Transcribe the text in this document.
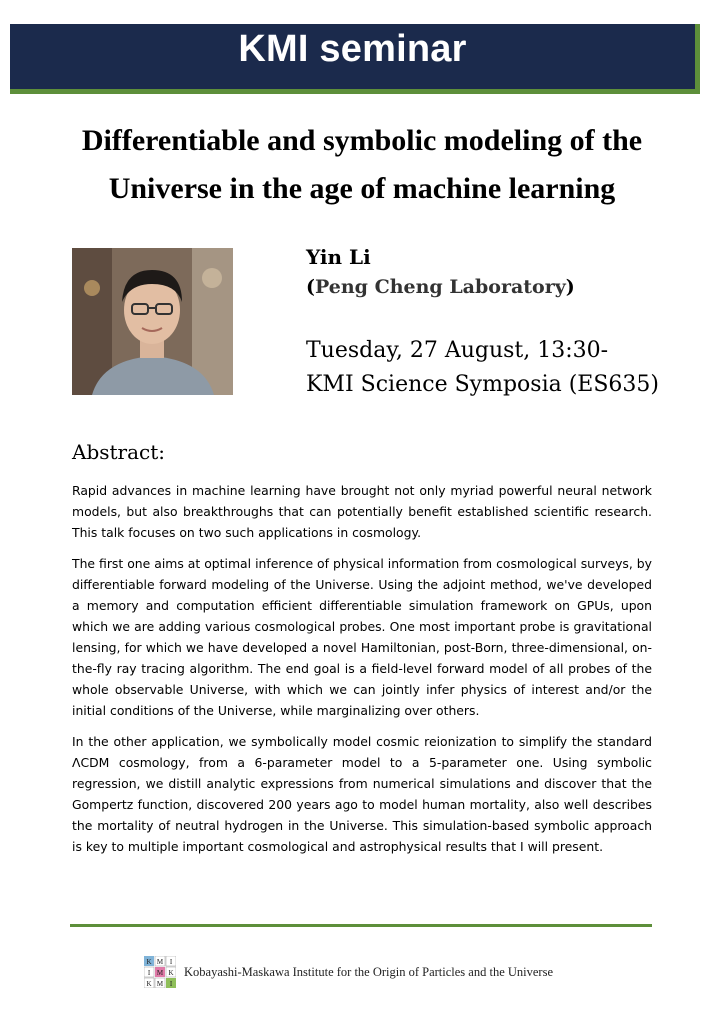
KMI seminar
Differentiable and symbolic modeling of the
Universe in the age of machine learning
Yin Li
(Peng Cheng Laboratory)
Tuesday, 27 August, 13:30-
KMI Science Symposia (ES635)
Abstract:

Rapid advances in machine learning have brought not only myriad powerful neural network models, but also breakthroughs that can potentially benefit established scientific research. This talk focuses on two such applications in cosmology.

The first one aims at optimal inference of physical information from cosmological surveys, by differentiable forward modeling of the Universe. Using the adjoint method, we've developed a memory and computation efficient differentiable simulation framework on GPUs, upon which we are adding various cosmological probes. One most important probe is gravitational lensing, for which we have developed a novel Hamiltonian, post-Born, three-dimensional, on-the-fly ray tracing algorithm. The end goal is a field-level forward model of all probes of the whole observable Universe, with which we can jointly infer physics of interest and/or the initial conditions of the Universe, while marginalizing over others.

In the other application, we symbolically model cosmic reionization to simplify the standard ΛCDM cosmology, from a 6-parameter model to a 5-parameter one. Using symbolic regression, we distill analytic expressions from numerical simulations and discover that the Gompertz function, discovered 200 years ago to model human mortality, also well describes the mortality of neutral hydrogen in the Universe. This simulation-based symbolic approach is key to multiple important cosmological and astrophysical results that I will present.

K M I
I M K
K M I
Kobayashi-Maskawa Institute for the Origin of Particles and the Universe
